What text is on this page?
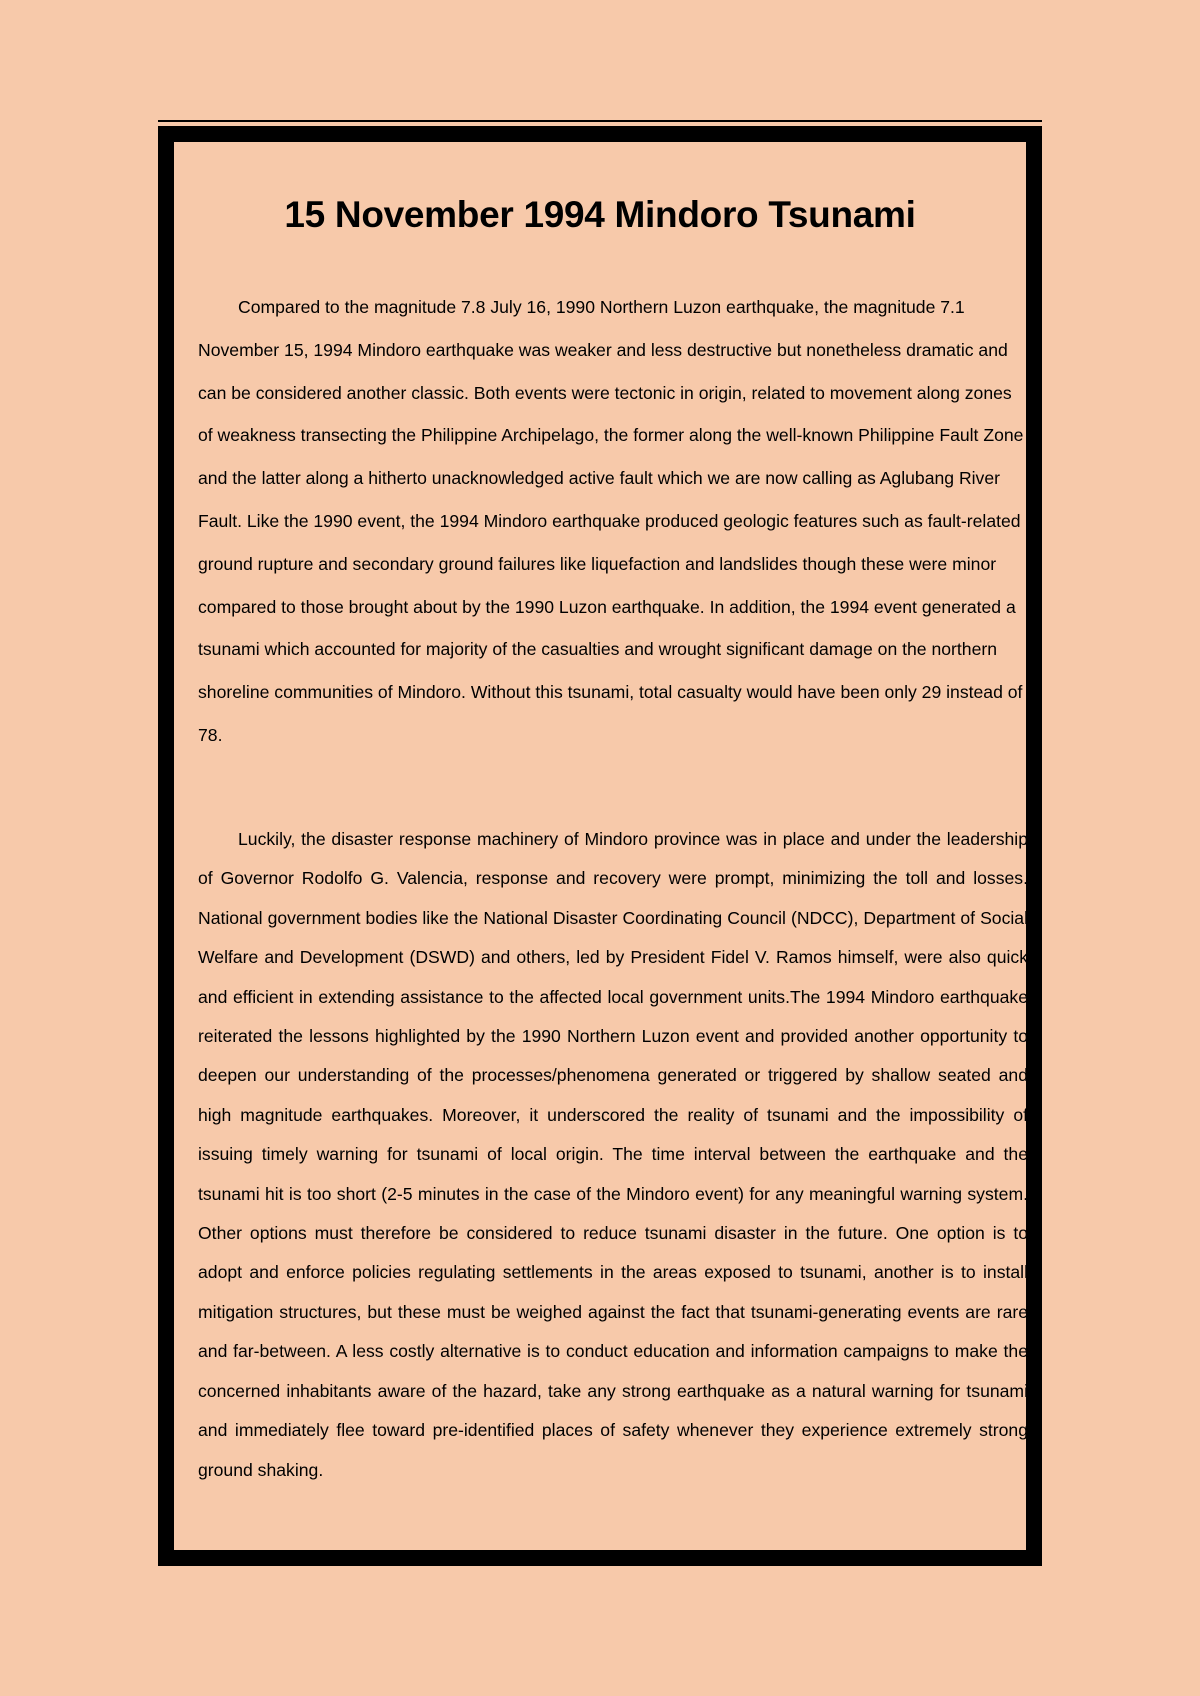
15 November 1994 Mindoro Tsunami

Compared to the magnitude 7.8 July 16, 1990 Northern Luzon earthquake, the magnitude 7.1 November 15, 1994 Mindoro earthquake was weaker and less destructive but nonetheless dramatic and can be considered another classic. Both events were tectonic in origin, related to movement along zones of weakness transecting the Philippine Archipelago, the former along the well-known Philippine Fault Zone and the latter along a hitherto unacknowledged active fault which we are now calling as Aglubang River Fault. Like the 1990 event, the 1994 Mindoro earthquake produced geologic features such as fault-related ground rupture and secondary ground failures like liquefaction and landslides though these were minor compared to those brought about by the 1990 Luzon earthquake. In addition, the 1994 event generated a tsunami which accounted for majority of the casualties and wrought significant damage on the northern shoreline communities of Mindoro. Without this tsunami, total casualty would have been only 29 instead of 78.

Luckily, the disaster response machinery of Mindoro province was in place and under the leadership of Governor Rodolfo G. Valencia, response and recovery were prompt, minimizing the toll and losses. National government bodies like the National Disaster Coordinating Council (NDCC), Department of Social Welfare and Development (DSWD) and others, led by President Fidel V. Ramos himself, were also quick and efficient in extending assistance to the affected local government units.The 1994 Mindoro earthquake reiterated the lessons highlighted by the 1990 Northern Luzon event and provided another opportunity to deepen our understanding of the processes/phenomena generated or triggered by shallow seated and high magnitude earthquakes. Moreover, it underscored the reality of tsunami and the impossibility of issuing timely warning for tsunami of local origin. The time interval between the earthquake and the tsunami hit is too short (2-5 minutes in the case of the Mindoro event) for any meaningful warning system. Other options must therefore be considered to reduce tsunami disaster in the future. One option is to adopt and enforce policies regulating settlements in the areas exposed to tsunami, another is to install mitigation structures, but these must be weighed against the fact that tsunami-generating events are rare and far-between. A less costly alternative is to conduct education and information campaigns to make the concerned inhabitants aware of the hazard, take any strong earthquake as a natural warning for tsunami and immediately flee toward pre-identified places of safety whenever they experience extremely strong ground shaking.
